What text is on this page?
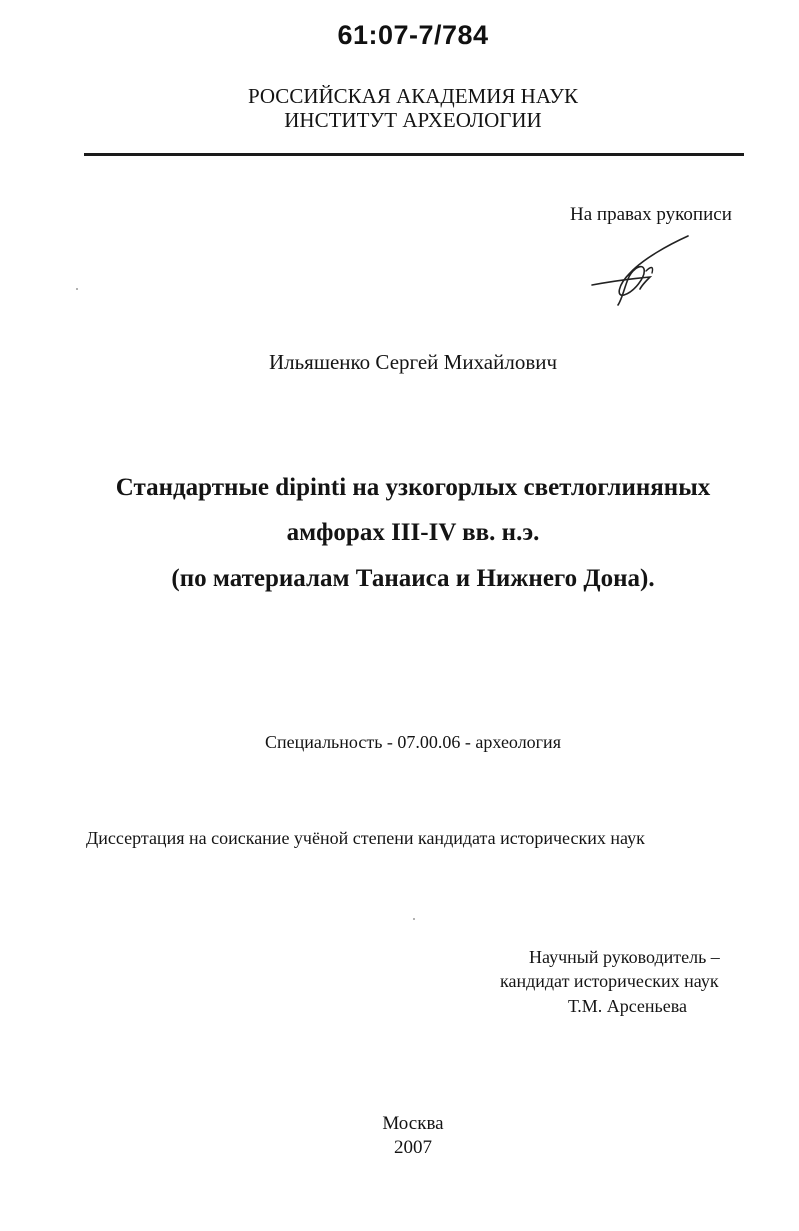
61:07-7/784

РОССИЙСКАЯ АКАДЕМИЯ НАУК

ИНСТИТУТ АРХЕОЛОГИИ

На правах рукописи

Ильяшенко Сергей Михайлович

Стандартные dipinti на узкогорлых светлоглиняных

амфорах III-IV вв. н.э.

(по материалам Танаиса и Нижнего Дона).

Специальность - 07.00.06 - археология

Диссертация на соискание учёной степени кандидата исторических наук

Научный руководитель –

кандидат исторических наук

Т.М. Арсеньева

Москва

2007
